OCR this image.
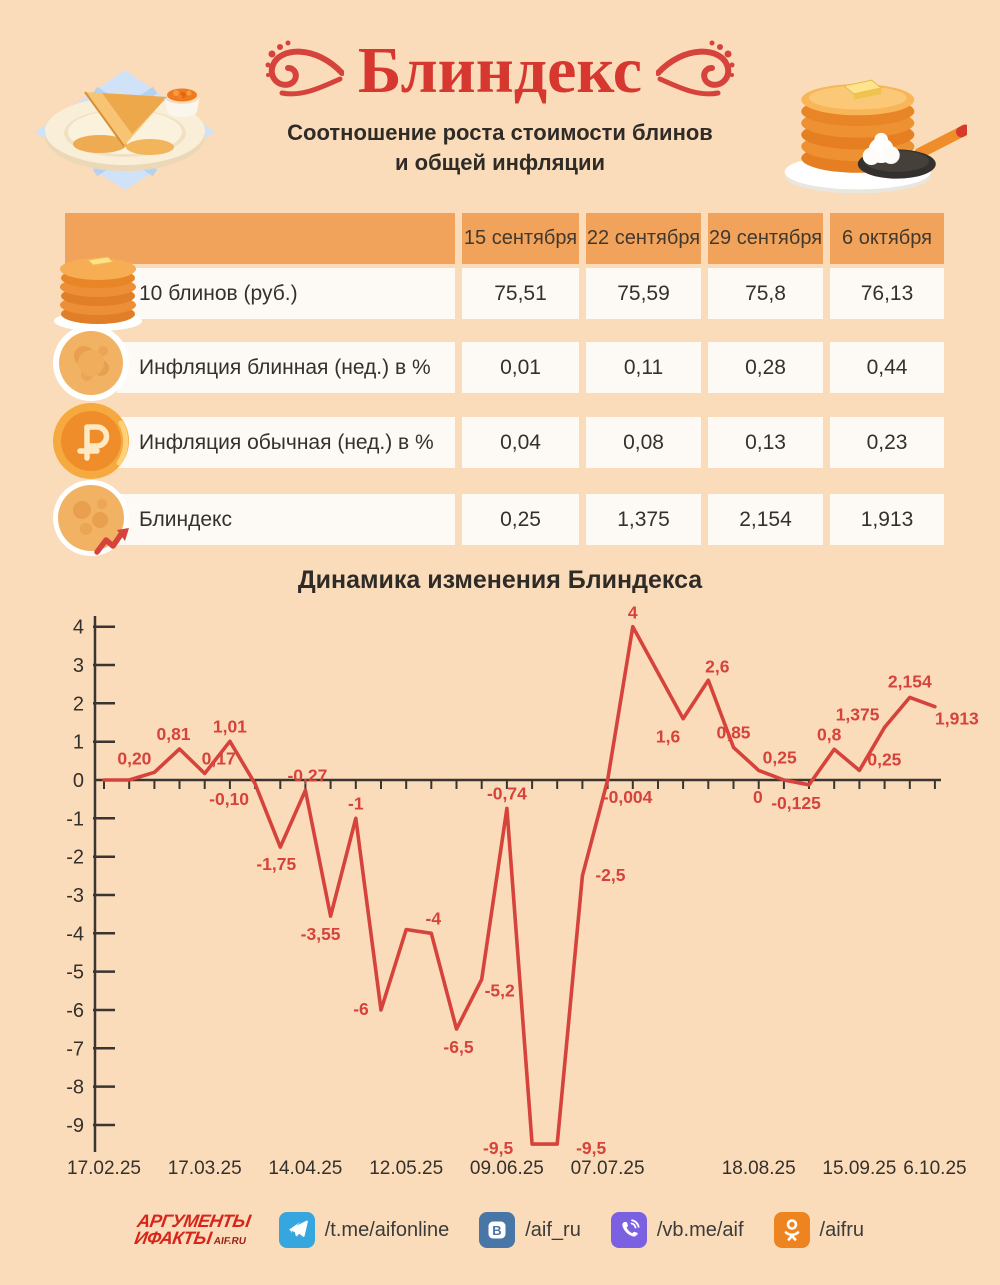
Блиндекс
Соотношение роста стоимости блинов
и общей инфляции
15 сентября 22 сентября 29 сентября 6 октября
10 блинов (руб.)	75,51	75,59	75,8	76,13
Инфляция блинная (нед.) в %	0,01	0,11	0,28	0,44
Инфляция обычная (нед.) в %	0,04	0,08	0,13	0,23
Блиндекс	0,25	1,375	2,154	1,913
Динамика изменения Блиндекса
4
3
2
1
0
-1
-2
-3
-4
-5
-6
-7
-8
-9
0,20
0,81
0,17
1,01
-0,10
-1,75
-0,27
-3,55
-1
-6
-4
-6,5
-5,2
-0,74
-9,5	-9,5
-2,5
-0,004
4
1,6
2,6
0,85
0,25
0 -0,125
0,8
0,25
1,375
2,154
1,913
17.02.25 17.03.25 14.04.25 12.05.25 09.06.25 07.07.25	18.08.25 15.09.25 6.10.25
АРГУМЕНТЫ
ИФАКТЫAIF.RU
/t.me/aifonline	В /aif_ru	/vb.me/aif	/aifru
